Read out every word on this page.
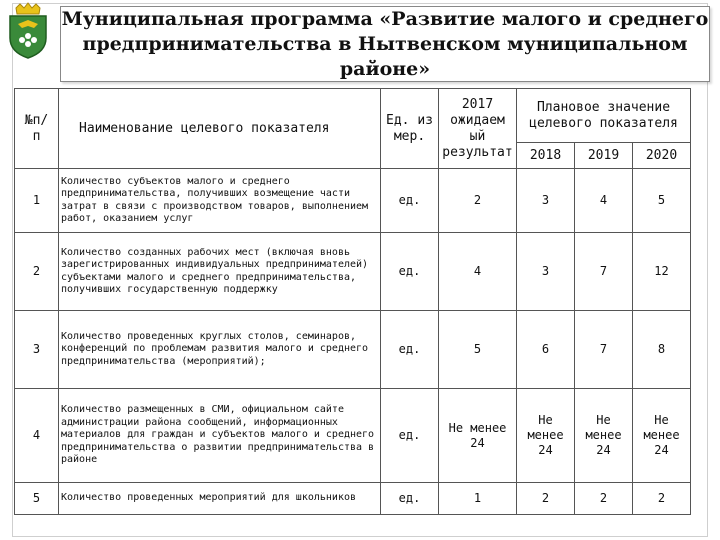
Муниципальная программа «Развитие малого и среднего
предпринимательства в Нытвенском муниципальном районе»
№п/ п	Наименование целевого показателя	Ед. из мер.	2017 ожидаем ый результат	Плановое значение целевого показателя		
				2018	2019	2020
1	Количество субъектов малого и среднего предпринимательства, получивших возмещение части затрат в связи с производством товаров, выполнением работ, оказанием услуг	ед.	2	3	4	5
2	Количество созданных рабочих мест (включая вновь зарегистрированных индивидуальных предпринимателей) субъектами малого и среднего предпринимательства, получивших государственную поддержку	ед.	4	3	7	12
3	Количество проведенных круглых столов, семинаров, конференций по проблемам развития малого и среднего предпринимательства (мероприятий);	ед.	5	6	7	8
4	Количество размещенных в СМИ, официальном сайте администрации района сообщений, информационных материалов для граждан и субъектов малого и среднего предпринимательства о развитии предпринимательства в районе	ед.	Не менее 24	Не менее 24	Не менее 24	Не менее 24
5	Количество проведенных мероприятий для школьников	ед.	1	2	2	2
